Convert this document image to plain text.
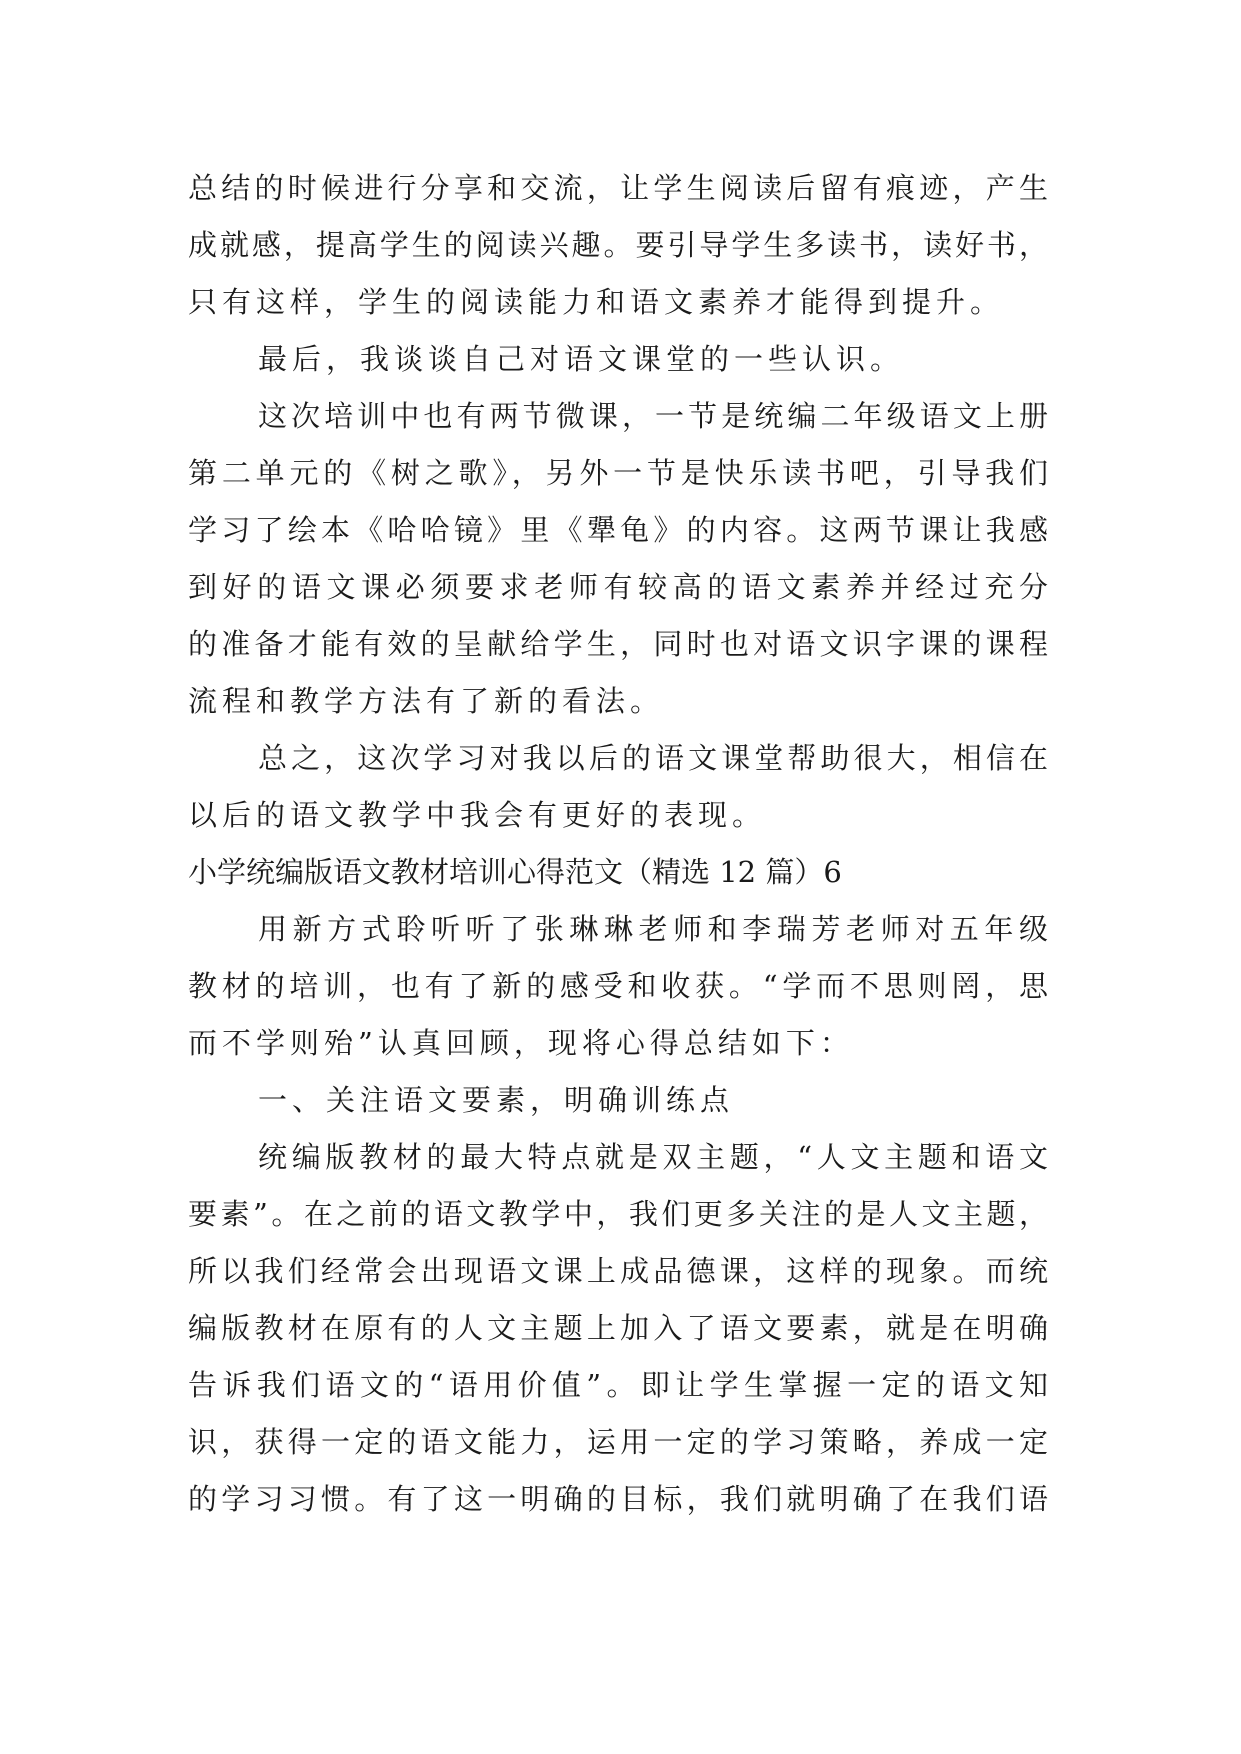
总结的时候进行分享和交流，让学生阅读后留有痕迹，产生
成就感，提高学生的阅读兴趣。要引导学生多读书，读好书，
只有这样，学生的阅读能力和语文素养才能得到提升。
最后，我谈谈自己对语文课堂的一些认识。
这次培训中也有两节微课，一节是统编二年级语文上册
第二单元的《树之歌》，另外一节是快乐读书吧，引导我们
学习了绘本《哈哈镜》里《犟龟》的内容。这两节课让我感
到好的语文课必须要求老师有较高的语文素养并经过充分
的准备才能有效的呈献给学生，同时也对语文识字课的课程
流程和教学方法有了新的看法。
总之，这次学习对我以后的语文课堂帮助很大，相信在
以后的语文教学中我会有更好的表现。
小学统编版语文教材培训心得范文（精选 12 篇）6
用新方式聆听听了张琳琳老师和李瑞芳老师对五年级
教材的培训，也有了新的感受和收获。“学而不思则罔，思
而不学则殆”认真回顾，现将心得总结如下：
一、关注语文要素，明确训练点
统编版教材的最大特点就是双主题，“人文主题和语文
要素”。在之前的语文教学中，我们更多关注的是人文主题，
所以我们经常会出现语文课上成品德课，这样的现象。而统
编版教材在原有的人文主题上加入了语文要素，就是在明确
告诉我们语文的“语用价值”。即让学生掌握一定的语文知
识，获得一定的语文能力，运用一定的学习策略，养成一定
的学习习惯。有了这一明确的目标，我们就明确了在我们语
